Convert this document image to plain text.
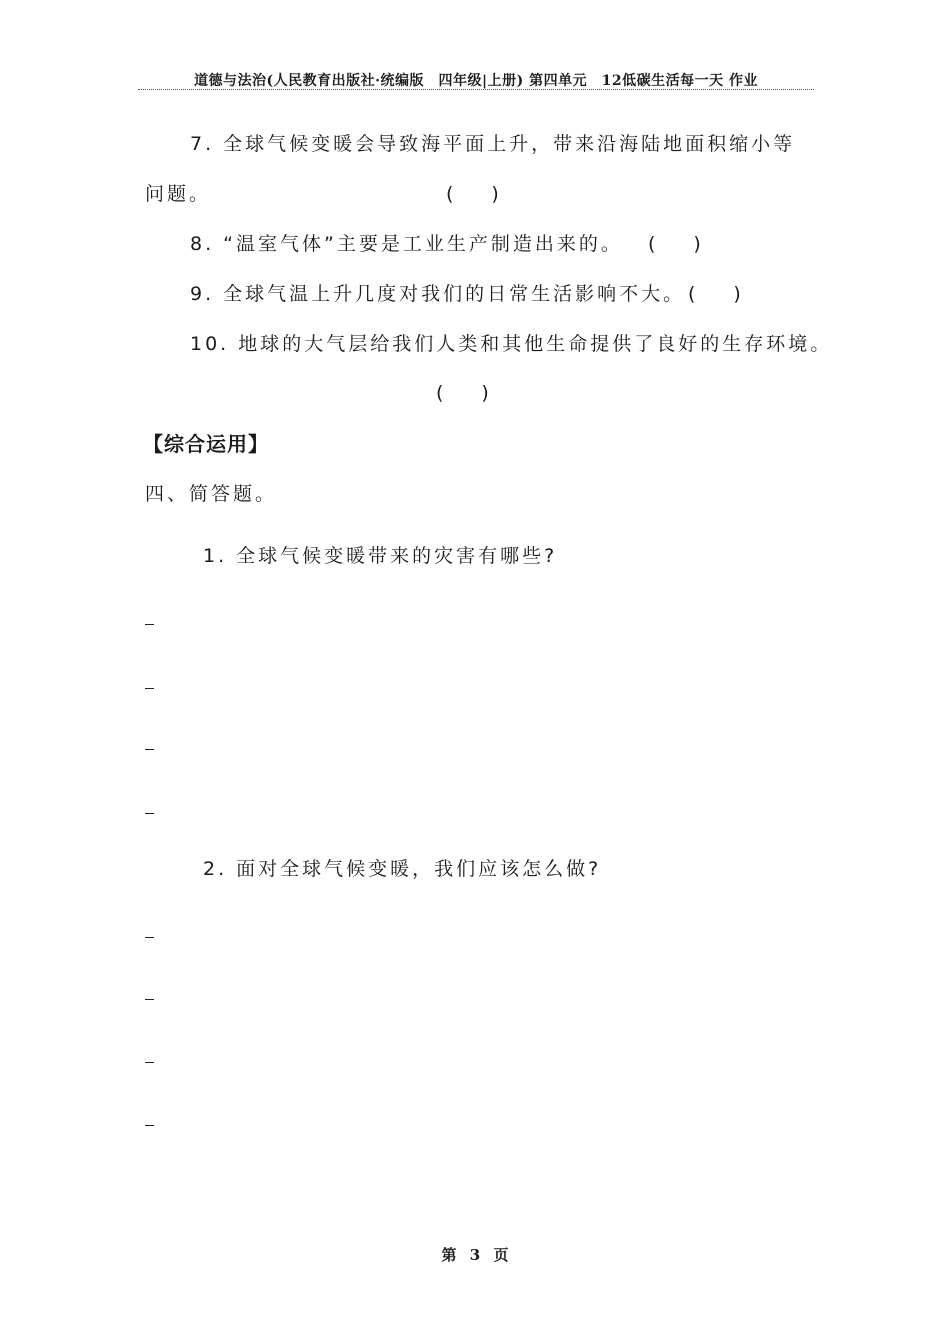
道德与法治(人民教育出版社·统编版　四年级|上册) 第四单元　12低碳生活每一天 作业
7. 全球气候变暖会导致海平面上升，带来沿海陆地面积缩小等
问题。	(　　)
8. “温室气体”主要是工业生产制造出来的。 (　　)
9. 全球气温上升几度对我们的日常生活影响不大。 (　　)
10. 地球的大气层给我们人类和其他生命提供了良好的生存环境。
(　　)
【综合运用】
四、简答题。
1. 全球气候变暖带来的灾害有哪些?
2. 面对全球气候变暖，我们应该怎么做?
第 3 页
